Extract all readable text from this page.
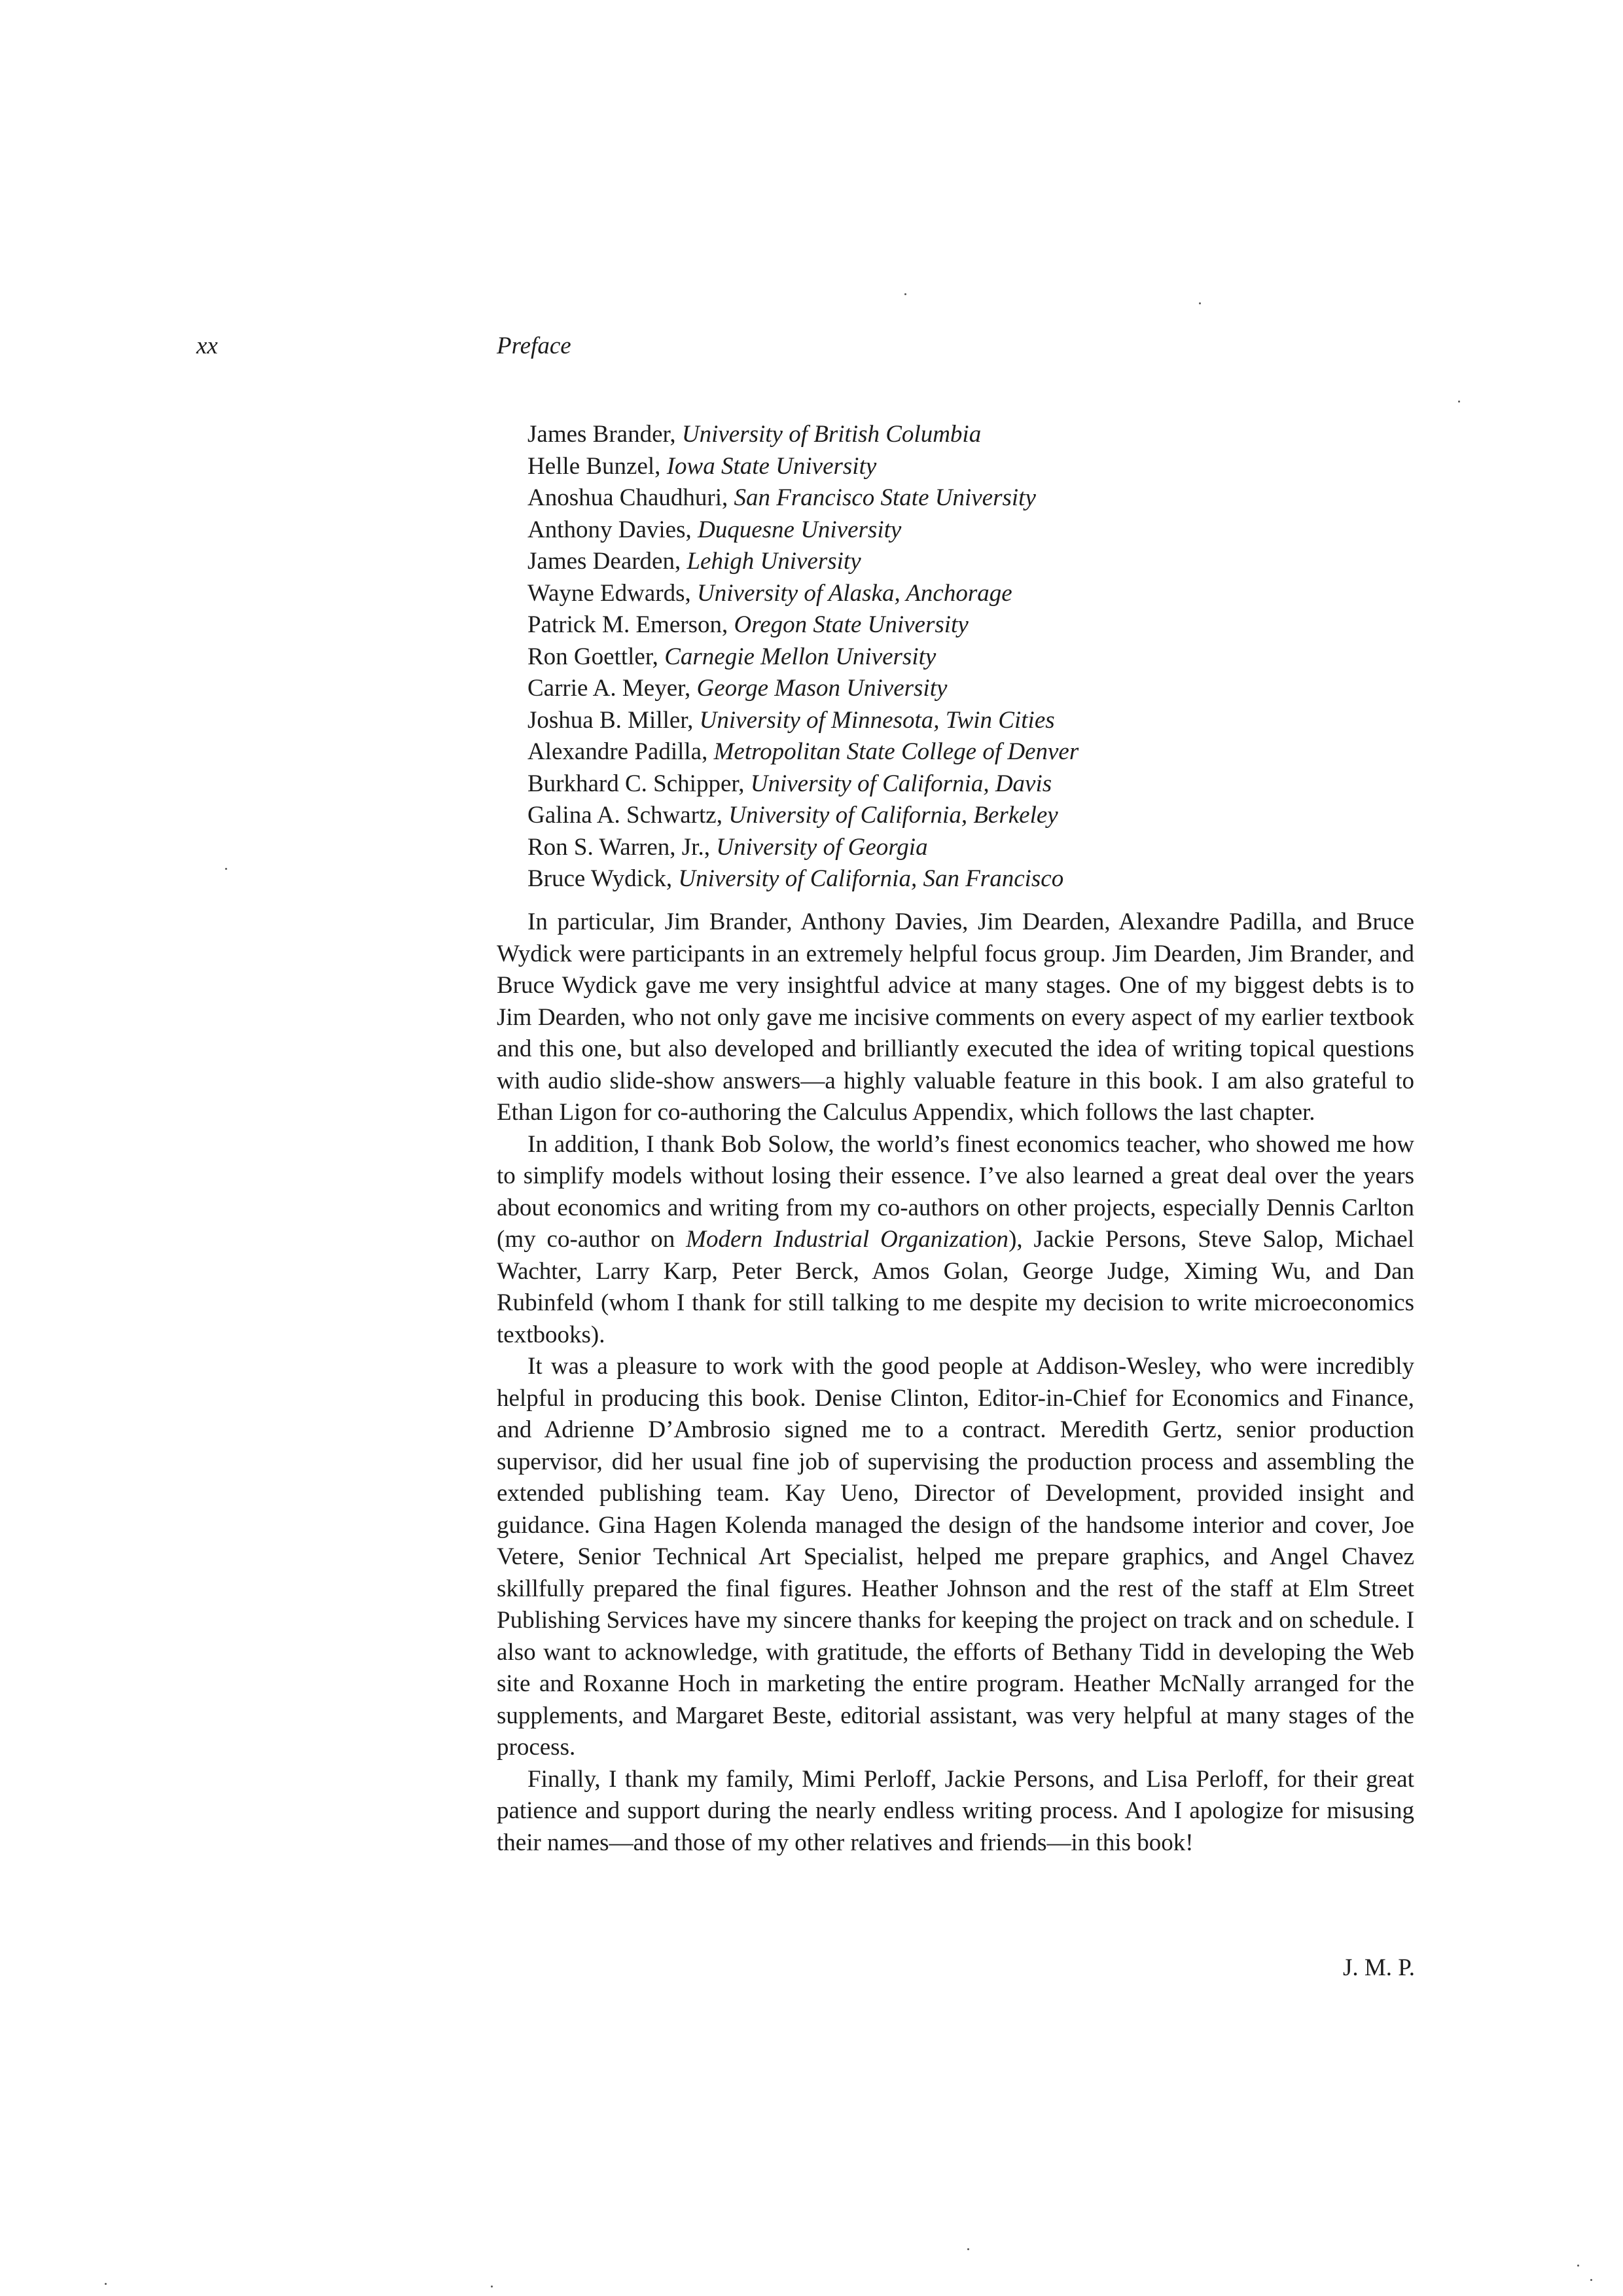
xx	Preface
James Brander, University of British Columbia
Helle Bunzel, Iowa State University
Anoshua Chaudhuri, San Francisco State University
Anthony Davies, Duquesne University
James Dearden, Lehigh University
Wayne Edwards, University of Alaska, Anchorage
Patrick M. Emerson, Oregon State University
Ron Goettler, Carnegie Mellon University
Carrie A. Meyer, George Mason University
Joshua B. Miller, University of Minnesota, Twin Cities
Alexandre Padilla, Metropolitan State College of Denver
Burkhard C. Schipper, University of California, Davis
Galina A. Schwartz, University of California, Berkeley
Ron S. Warren, Jr., University of Georgia
Bruce Wydick, University of California, San Francisco

In particular, Jim Brander, Anthony Davies, Jim Dearden, Alexandre Padilla, and Bruce Wydick were participants in an extremely helpful focus group. Jim Dearden, Jim Brander, and Bruce Wydick gave me very insightful advice at many stages. One of my biggest debts is to Jim Dearden, who not only gave me incisive comments on every aspect of my earlier textbook and this one, but also developed and brilliantly executed the idea of writing topical questions with audio slide-show answers—a highly valuable feature in this book. I am also grateful to Ethan Ligon for co-authoring the Calculus Appendix, which follows the last chapter.

In addition, I thank Bob Solow, the world’s finest economics teacher, who showed me how to simplify models without losing their essence. I’ve also learned a great deal over the years about economics and writing from my co-authors on other projects, especially Dennis Carlton (my co-author on Modern Industrial Organization), Jackie Persons, Steve Salop, Michael Wachter, Larry Karp, Peter Berck, Amos Golan, George Judge, Ximing Wu, and Dan Rubinfeld (whom I thank for still talking to me despite my decision to write microeconomics textbooks).

It was a pleasure to work with the good people at Addison-Wesley, who were incredibly helpful in producing this book. Denise Clinton, Editor-in-Chief for Economics and Finance, and Adrienne D’Ambrosio signed me to a contract. Meredith Gertz, senior production supervisor, did her usual fine job of supervising the production process and assembling the extended publishing team. Kay Ueno, Director of Development, provided insight and guidance. Gina Hagen Kolenda managed the design of the handsome interior and cover, Joe Vetere, Senior Technical Art Specialist, helped me prepare graphics, and Angel Chavez skillfully prepared the final figures. Heather Johnson and the rest of the staff at Elm Street Publishing Services have my sincere thanks for keeping the project on track and on schedule. I also want to acknowledge, with gratitude, the efforts of Bethany Tidd in developing the Web site and Roxanne Hoch in marketing the entire program. Heather McNally arranged for the supplements, and Margaret Beste, editorial assistant, was very helpful at many stages of the process.

Finally, I thank my family, Mimi Perloff, Jackie Persons, and Lisa Perloff, for their great patience and support during the nearly endless writing process. And I apologize for misusing their names—and those of my other relatives and friends—in this book!

J. M. P.
